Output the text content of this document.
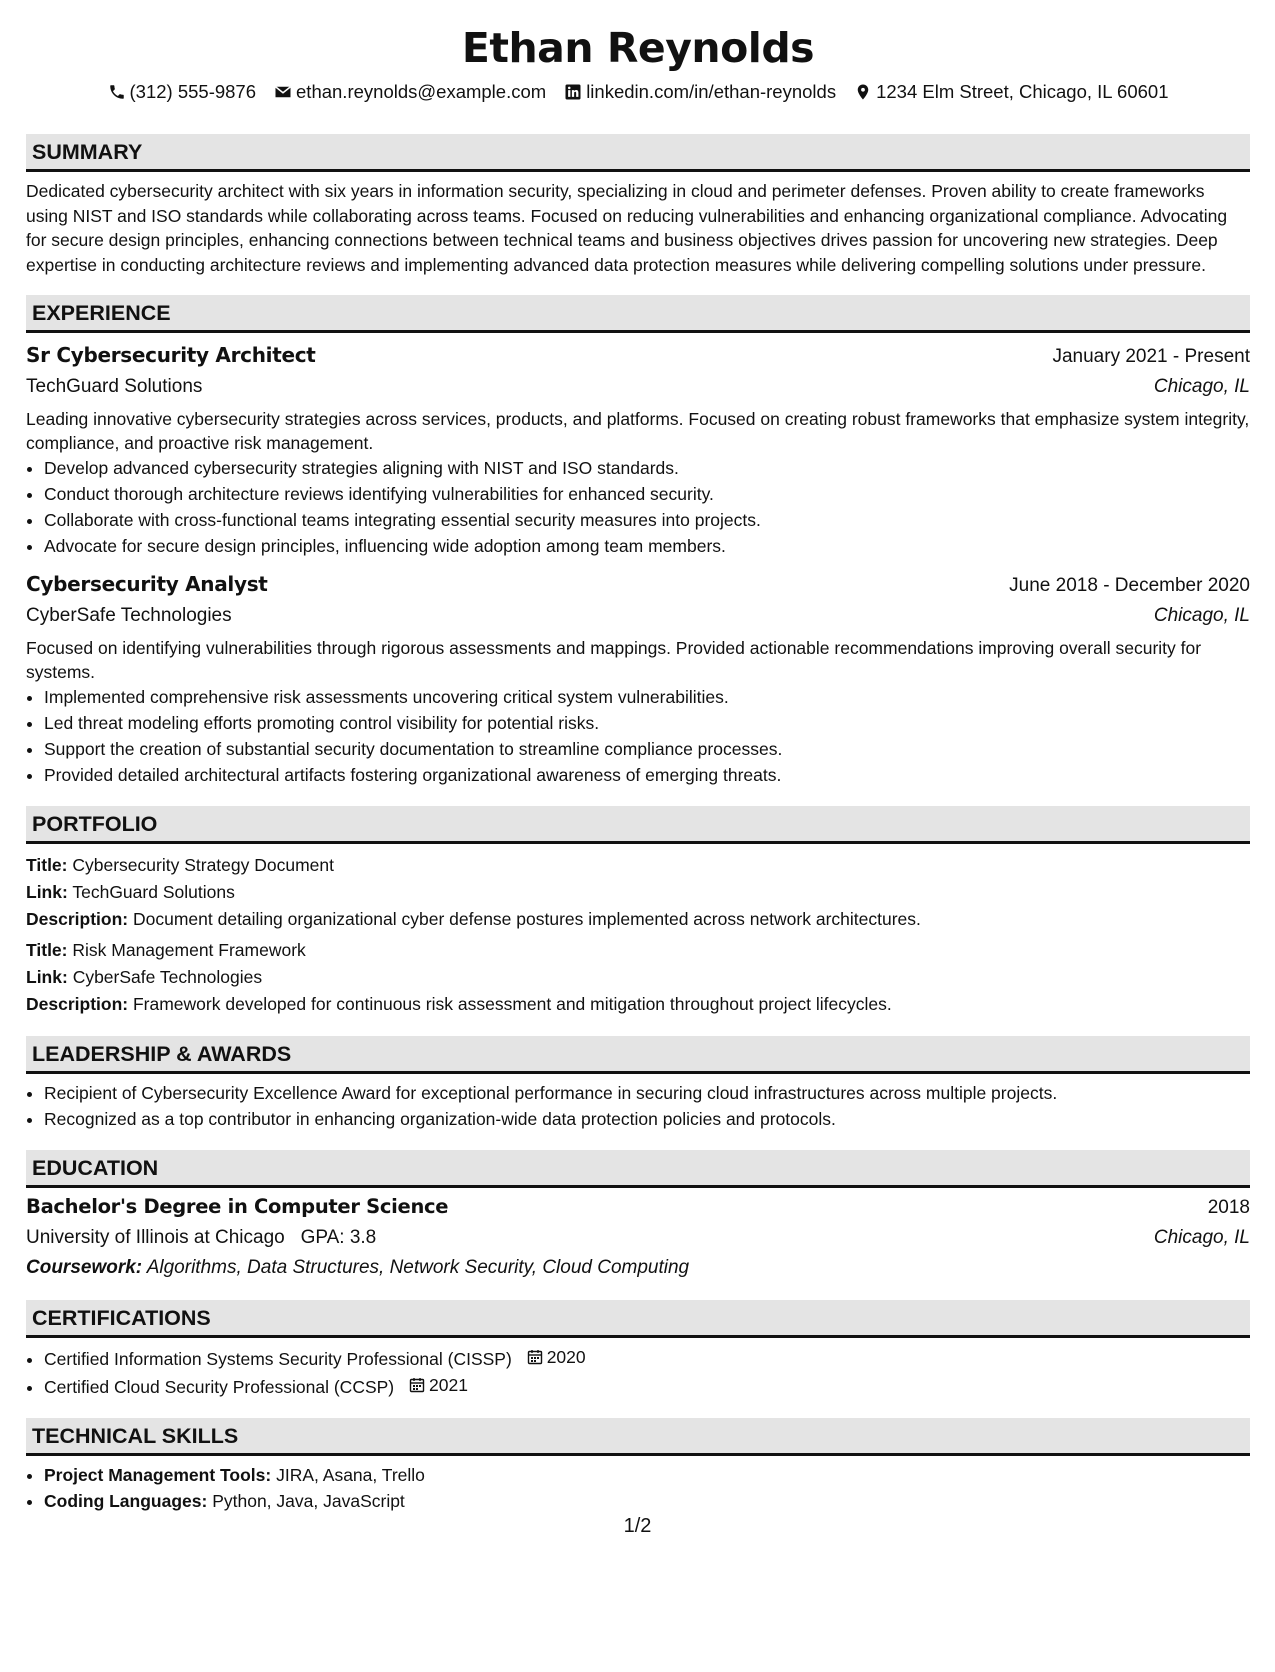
Ethan Reynolds
(312) 555-9876 ethan.reynolds@example.com linkedin.com/in/ethan-reynolds 1234 Elm Street, Chicago, IL 60601
SUMMARY
Dedicated cybersecurity architect with six years in information security, specializing in cloud and perimeter defenses. Proven ability to create frameworks using NIST and ISO standards while collaborating across teams. Focused on reducing vulnerabilities and enhancing organizational compliance. Advocating for secure design principles, enhancing connections between technical teams and business objectives drives passion for uncovering new strategies. Deep expertise in conducting architecture reviews and implementing advanced data protection measures while delivering compelling solutions under pressure.
EXPERIENCE
Sr Cybersecurity Architect	January 2021 - Present
TechGuard Solutions	Chicago, IL
Leading innovative cybersecurity strategies across services, products, and platforms. Focused on creating robust frameworks that emphasize system integrity, compliance, and proactive risk management.
• Develop advanced cybersecurity strategies aligning with NIST and ISO standards.
• Conduct thorough architecture reviews identifying vulnerabilities for enhanced security.
• Collaborate with cross-functional teams integrating essential security measures into projects.
• Advocate for secure design principles, influencing wide adoption among team members.
Cybersecurity Analyst	June 2018 - December 2020
CyberSafe Technologies	Chicago, IL
Focused on identifying vulnerabilities through rigorous assessments and mappings. Provided actionable recommendations improving overall security for systems.
• Implemented comprehensive risk assessments uncovering critical system vulnerabilities.
• Led threat modeling efforts promoting control visibility for potential risks.
• Support the creation of substantial security documentation to streamline compliance processes.
• Provided detailed architectural artifacts fostering organizational awareness of emerging threats.
PORTFOLIO
Title: Cybersecurity Strategy Document
Link: TechGuard Solutions
Description: Document detailing organizational cyber defense postures implemented across network architectures.
Title: Risk Management Framework
Link: CyberSafe Technologies
Description: Framework developed for continuous risk assessment and mitigation throughout project lifecycles.
LEADERSHIP & AWARDS
• Recipient of Cybersecurity Excellence Award for exceptional performance in securing cloud infrastructures across multiple projects.
• Recognized as a top contributor in enhancing organization-wide data protection policies and protocols.
EDUCATION
Bachelor's Degree in Computer Science	2018
University of Illinois at Chicago GPA: 3.8	Chicago, IL
Coursework: Algorithms, Data Structures, Network Security, Cloud Computing
CERTIFICATIONS
• Certified Information Systems Security Professional (CISSP) 2020
• Certified Cloud Security Professional (CCSP) 2021
TECHNICAL SKILLS
• Project Management Tools: JIRA, Asana, Trello
• Coding Languages: Python, Java, JavaScript
1/2
